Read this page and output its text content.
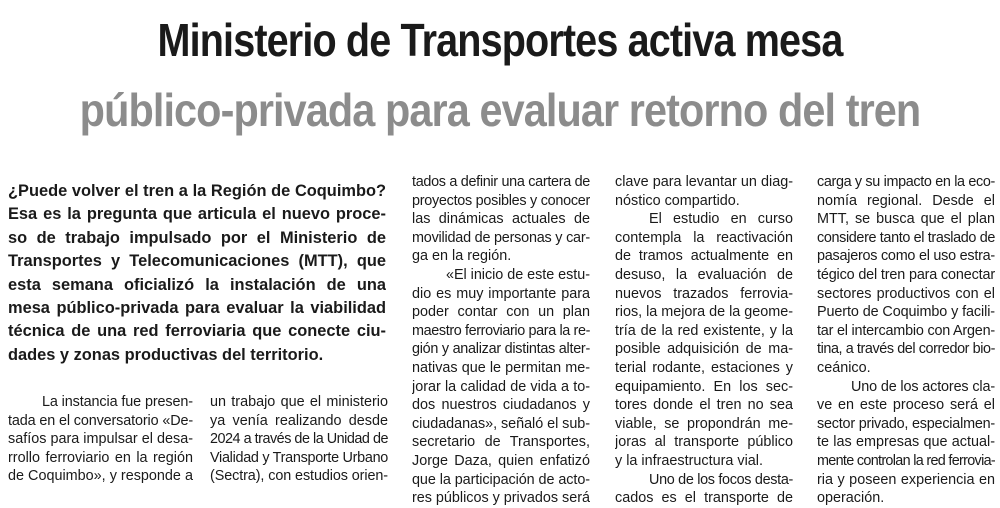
Ministerio de Transportes activa mesa
público-privada para evaluar retorno del tren
¿Puede volver el tren a la Región de Coquimbo?
Esa es la pregunta que articula el nuevo proce-
so de trabajo impulsado por el Ministerio de
Transportes y Telecomunicaciones (MTT), que
esta semana oficializó la instalación de una
mesa público-privada para evaluar la viabilidad
técnica de una red ferroviaria que conecte ciu-
dades y zonas productivas del territorio.
La instancia fue presen-
tada en el conversatorio «De-
safíos para impulsar el desa-
rrollo ferroviario en la región
de Coquimbo», y responde a
un trabajo que el ministerio
ya venía realizando desde
2024 a través de la Unidad de
Vialidad y Transporte Urbano
(Sectra), con estudios orien-
tados a definir una cartera de
proyectos posibles y conocer
las dinámicas actuales de
movilidad de personas y car-
ga en la región.
«El inicio de este estu-
dio es muy importante para
poder contar con un plan
maestro ferroviario para la re-
gión y analizar distintas alter-
nativas que le permitan me-
jorar la calidad de vida a to-
dos nuestros ciudadanos y
ciudadanas», señaló el sub-
secretario de Transportes,
Jorge Daza, quien enfatizó
que la participación de acto-
res públicos y privados será
clave para levantar un diag-
nóstico compartido.
El estudio en curso
contempla la reactivación
de tramos actualmente en
desuso, la evaluación de
nuevos trazados ferrovia-
rios, la mejora de la geome-
tría de la red existente, y la
posible adquisición de ma-
terial rodante, estaciones y
equipamiento. En los sec-
tores donde el tren no sea
viable, se propondrán me-
joras al transporte público
y la infraestructura vial.
Uno de los focos desta-
cados es el transporte de
carga y su impacto en la eco-
nomía regional. Desde el
MTT, se busca que el plan
considere tanto el traslado de
pasajeros como el uso estra-
tégico del tren para conectar
sectores productivos con el
Puerto de Coquimbo y facili-
tar el intercambio con Argen-
tina, a través del corredor bio-
ceánico.
Uno de los actores cla-
ve en este proceso será el
sector privado, especialmen-
te las empresas que actual-
mente controlan la red ferrovia-
ria y poseen experiencia en
operación.
